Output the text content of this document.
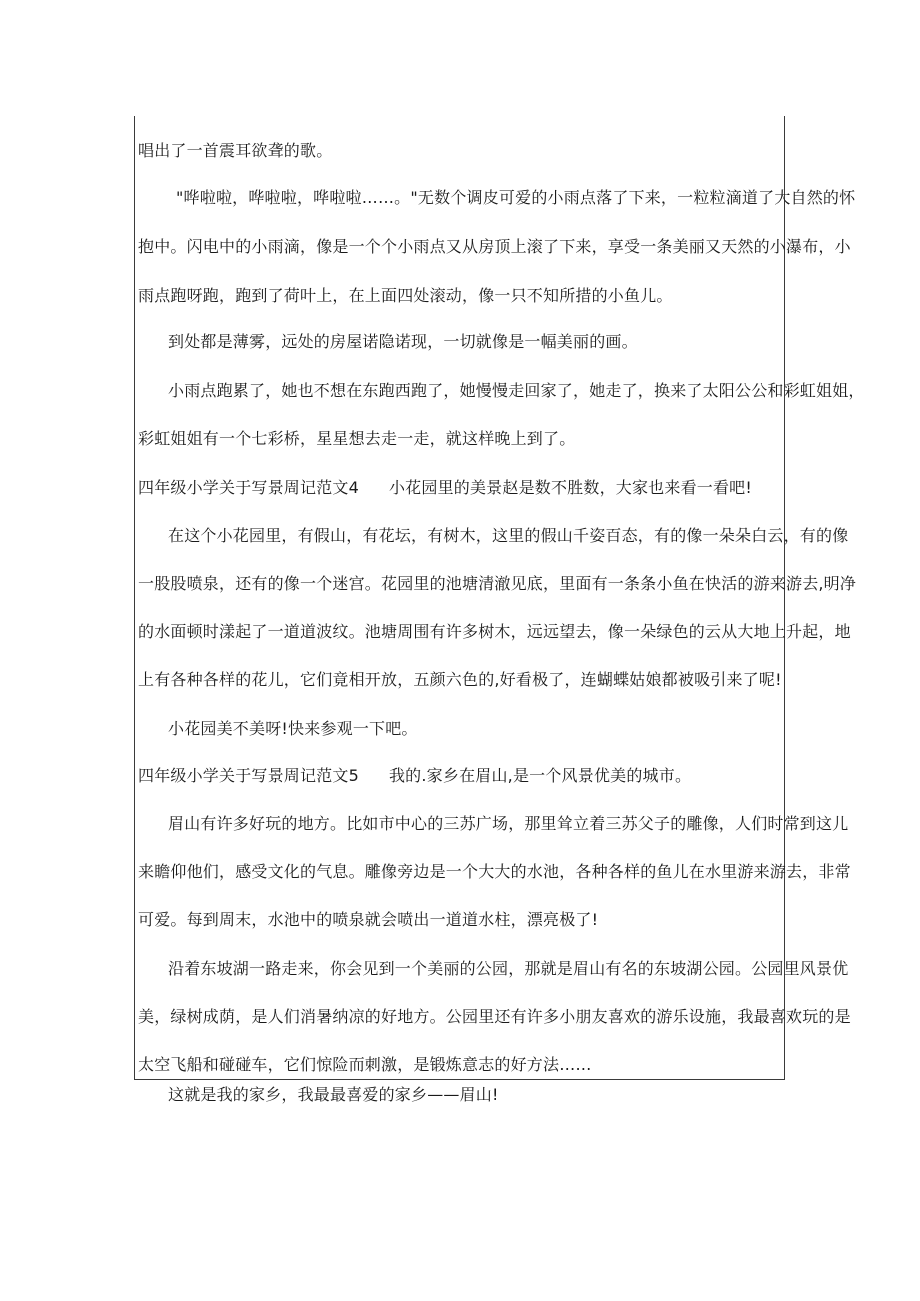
唱出了一首震耳欲聋的歌。
"哗啦啦，哗啦啦，哗啦啦……。"无数个调皮可爱的小雨点落了下来，一粒粒滴道了大自然的怀
抱中。闪电中的小雨滴，像是一个个小雨点又从房顶上滚了下来，享受一条美丽又天然的小瀑布，小
雨点跑呀跑，跑到了荷叶上，在上面四处滚动，像一只不知所措的小鱼儿。
到处都是薄雾，远处的房屋诺隐诺现，一切就像是一幅美丽的画。
小雨点跑累了，她也不想在东跑西跑了，她慢慢走回家了，她走了，换来了太阳公公和彩虹姐姐，
彩虹姐姐有一个七彩桥，星星想去走一走，就这样晚上到了。
四年级小学关于写景周记范文4 小花园里的美景赵是数不胜数，大家也来看一看吧!
在这个小花园里，有假山，有花坛，有树木，这里的假山千姿百态，有的像一朵朵白云，有的像
一股股喷泉，还有的像一个迷宫。花园里的池塘清澈见底，里面有一条条小鱼在快活的游来游去,明净
的水面顿时漾起了一道道波纹。池塘周围有许多树木，远远望去，像一朵绿色的云从大地上升起，地
上有各种各样的花儿，它们竟相开放，五颜六色的,好看极了，连蝴蝶姑娘都被吸引来了呢!
小花园美不美呀!快来参观一下吧。
四年级小学关于写景周记范文5 我的.家乡在眉山,是一个风景优美的城市。
眉山有许多好玩的地方。比如市中心的三苏广场，那里耸立着三苏父子的雕像，人们时常到这儿
来瞻仰他们，感受文化的气息。雕像旁边是一个大大的水池，各种各样的鱼儿在水里游来游去，非常
可爱。每到周末，水池中的喷泉就会喷出一道道水柱，漂亮极了!
沿着东坡湖一路走来，你会见到一个美丽的公园，那就是眉山有名的东坡湖公园。公园里风景优
美，绿树成荫，是人们消暑纳凉的好地方。公园里还有许多小朋友喜欢的游乐设施，我最喜欢玩的是
太空飞船和碰碰车，它们惊险而刺激，是锻炼意志的好方法……
这就是我的家乡，我最最喜爱的家乡——眉山!
